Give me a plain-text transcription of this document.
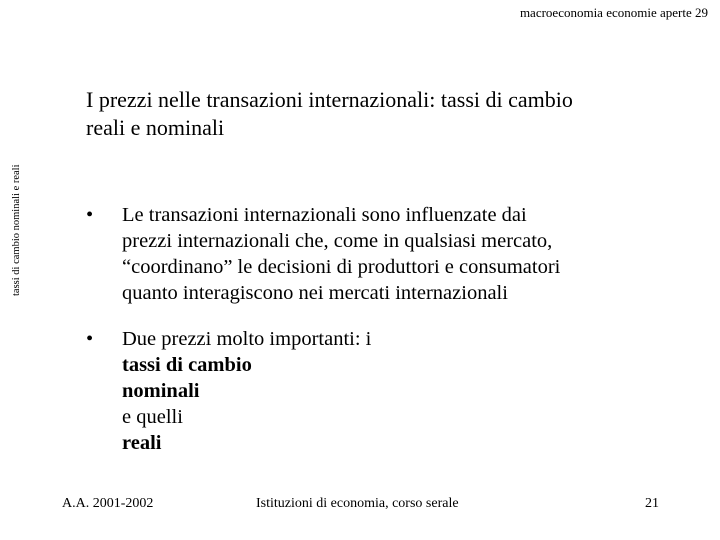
macroeconomia economie aperte 29
tassi di cambio nominali e reali
I prezzi nelle transazioni internazionali: tassi di cambio
reali e nominali
•	Le transazioni internazionali sono influenzate dai
prezzi internazionali che, come in qualsiasi mercato,
“coordinano” le decisioni di produttori e consumatori
quanto interagiscono nei mercati internazionali
•	Due prezzi molto importanti: i
tassi di cambio
nominali
e quelli
reali
A.A. 2001-2002	Istituzioni di economia, corso serale	21
